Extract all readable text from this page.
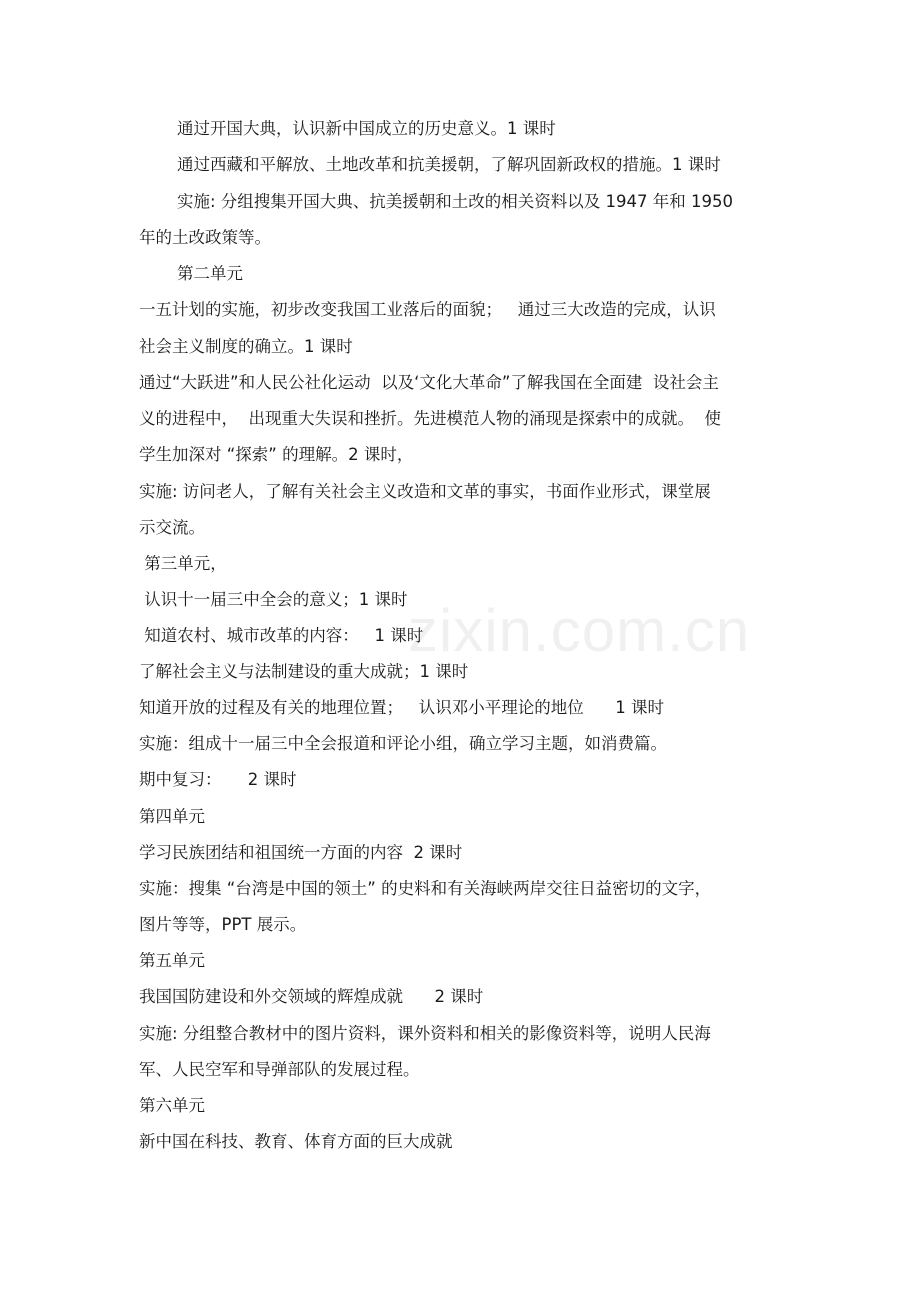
zixin.com.cn
通过开国大典，认识新中国成立的历史意义。1 课时
通过西藏和平解放、土地改革和抗美援朝，了解巩固新政权的措施。1 课时
实施: 分组搜集开国大典、抗美援朝和土改的相关资料以及 1947 年和 1950
年的土改政策等。
第二单元
一五计划的实施，初步改变我国工业落后的面貌；   通过三大改造的完成，认识
社会主义制度的确立。1 课时
通过“大跃进”和人民公社化运动  以及‘文化大革命”了解我国在全面建  设社会主
义的进程中，  出现重大失误和挫折。先进模范人物的涌现是探索中的成就。  使
学生加深对 “探索” 的理解。2 课时，
实施: 访问老人，了解有关社会主义改造和文革的事实，书面作业形式，课堂展
示交流。
第三单元，
认识十一届三中全会的意义；1 课时
知道农村、城市改革的内容：   1 课时
了解社会主义与法制建设的重大成就；1 课时
知道开放的过程及有关的地理位置；   认识邓小平理论的地位      1 课时
实施：组成十一届三中全会报道和评论小组，确立学习主题，如消费篇。
期中复习：     2 课时
第四单元
学习民族团结和祖国统一方面的内容  2 课时
实施：搜集 “台湾是中国的领土” 的史料和有关海峡两岸交往日益密切的文字，
图片等等，PPT 展示。
第五单元
我国国防建设和外交领域的辉煌成就      2 课时
实施: 分组整合教材中的图片资料，课外资料和相关的影像资料等，说明人民海
军、人民空军和导弹部队的发展过程。
第六单元
新中国在科技、教育、体育方面的巨大成就
